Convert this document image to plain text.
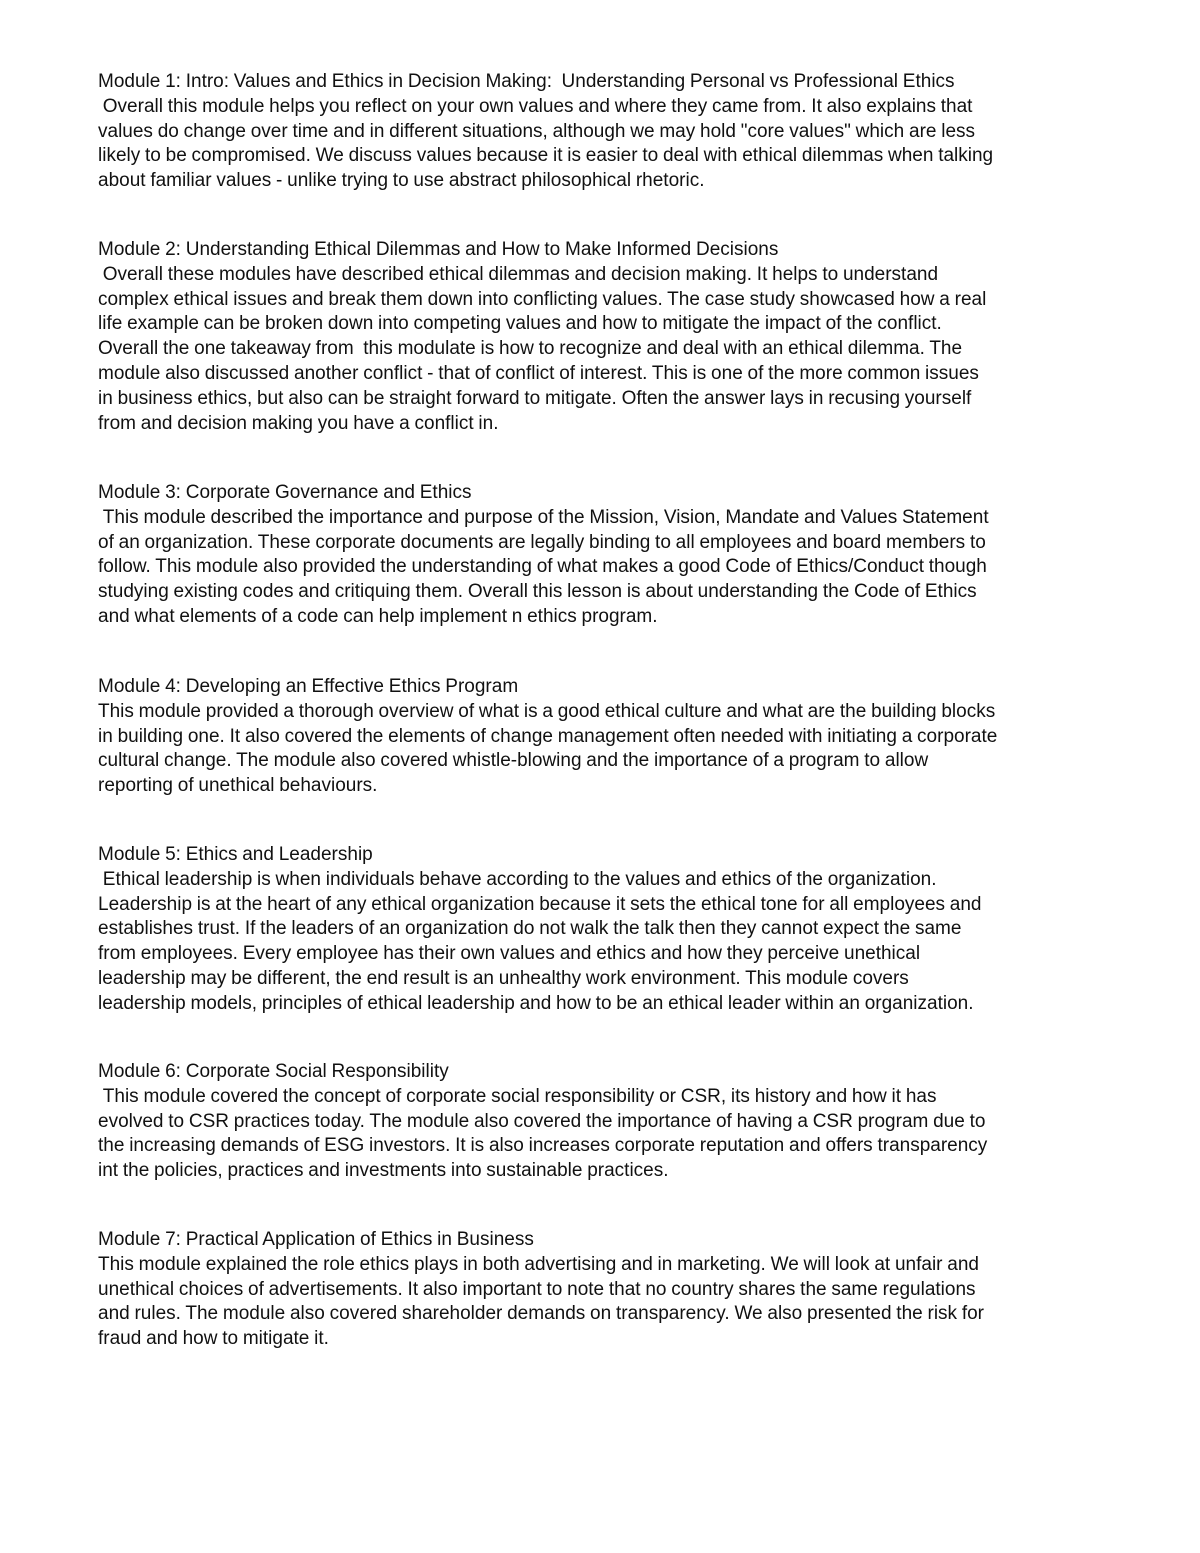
Module 1: Intro: Values and Ethics in Decision Making:  Understanding Personal vs Professional Ethics
Overall this module helps you reflect on your own values and where they came from. It also explains that
values do change over time and in different situations, although we may hold "core values" which are less
likely to be compromised. We discuss values because it is easier to deal with ethical dilemmas when talking
about familiar values - unlike trying to use abstract philosophical rhetoric.
Module 2: Understanding Ethical Dilemmas and How to Make Informed Decisions
Overall these modules have described ethical dilemmas and decision making. It helps to understand
complex ethical issues and break them down into conflicting values. The case study showcased how a real
life example can be broken down into competing values and how to mitigate the impact of the conflict.
Overall the one takeaway from  this modulate is how to recognize and deal with an ethical dilemma. The
module also discussed another conflict - that of conflict of interest. This is one of the more common issues
in business ethics, but also can be straight forward to mitigate. Often the answer lays in recusing yourself
from and decision making you have a conflict in.
Module 3: Corporate Governance and Ethics
This module described the importance and purpose of the Mission, Vision, Mandate and Values Statement
of an organization. These corporate documents are legally binding to all employees and board members to
follow. This module also provided the understanding of what makes a good Code of Ethics/Conduct though
studying existing codes and critiquing them. Overall this lesson is about understanding the Code of Ethics
and what elements of a code can help implement n ethics program.
Module 4: Developing an Effective Ethics Program
This module provided a thorough overview of what is a good ethical culture and what are the building blocks
in building one. It also covered the elements of change management often needed with initiating a corporate
cultural change. The module also covered whistle-blowing and the importance of a program to allow
reporting of unethical behaviours.
Module 5: Ethics and Leadership
Ethical leadership is when individuals behave according to the values and ethics of the organization.
Leadership is at the heart of any ethical organization because it sets the ethical tone for all employees and
establishes trust. If the leaders of an organization do not walk the talk then they cannot expect the same
from employees. Every employee has their own values and ethics and how they perceive unethical
leadership may be different, the end result is an unhealthy work environment. This module covers
leadership models, principles of ethical leadership and how to be an ethical leader within an organization.
Module 6: Corporate Social Responsibility
This module covered the concept of corporate social responsibility or CSR, its history and how it has
evolved to CSR practices today. The module also covered the importance of having a CSR program due to
the increasing demands of ESG investors. It is also increases corporate reputation and offers transparency
int the policies, practices and investments into sustainable practices.
Module 7: Practical Application of Ethics in Business
This module explained the role ethics plays in both advertising and in marketing. We will look at unfair and
unethical choices of advertisements. It also important to note that no country shares the same regulations
and rules. The module also covered shareholder demands on transparency. We also presented the risk for
fraud and how to mitigate it.
